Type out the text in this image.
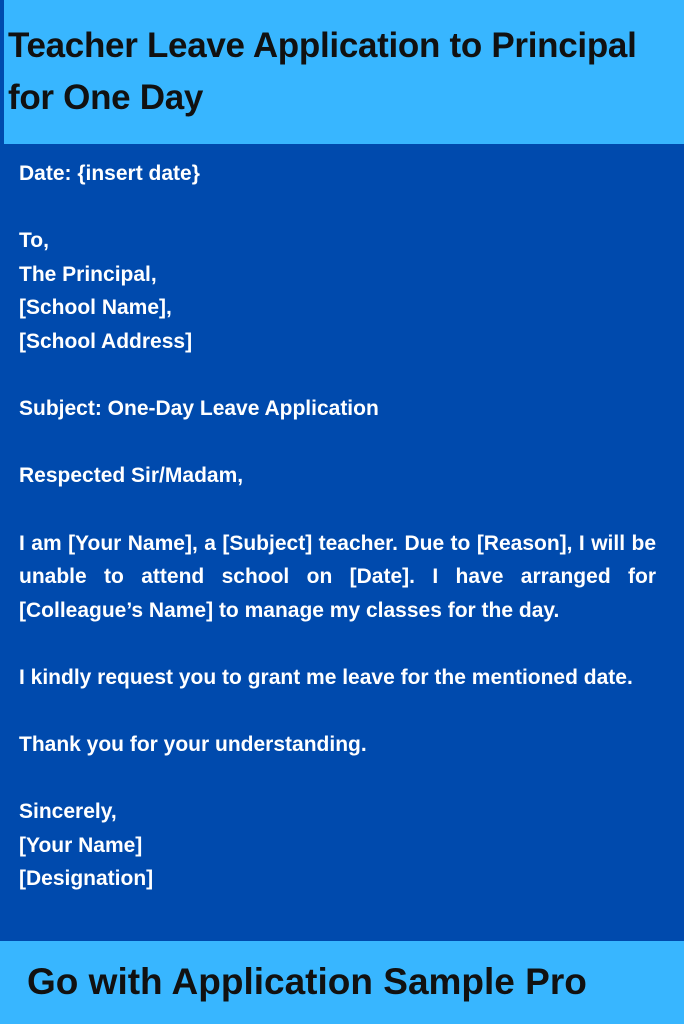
Teacher Leave Application to Principal for One Day

Date: {insert date}

To,

The Principal,

[School Name],

[School Address]

Subject: One-Day Leave Application

Respected Sir/Madam,

I am [Your Name], a [Subject] teacher. Due to [Reason], I will be unable to attend school on [Date]. I have arranged for [Colleague’s Name] to manage my classes for the day.

I kindly request you to grant me leave for the mentioned date.

Thank you for your understanding.

Sincerely,

[Your Name]

[Designation]

Go with Application Sample Pro
